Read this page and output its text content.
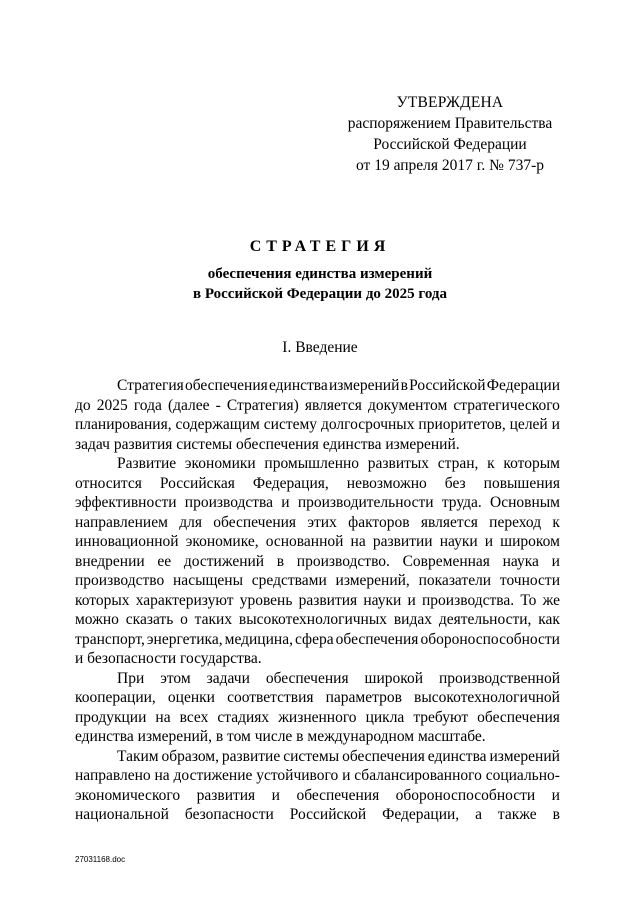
УТВЕРЖДЕНА
распоряжением Правительства
Российской Федерации
от 19 апреля 2017 г. № 737-р
СТРАТЕГИЯ
обеспечения единства измерений
в Российской Федерации до 2025 года
I. Введение
Стратегия обеспечения единства измерений в Российской Федерации
до 2025 года (далее - Стратегия) является документом стратегического
планирования, содержащим систему долгосрочных приоритетов, целей и
задач развития системы обеспечения единства измерений.
Развитие экономики промышленно развитых стран, к которым
относится Российская Федерация, невозможно без повышения
эффективности производства и производительности труда. Основным
направлением для обеспечения этих факторов является переход к
инновационной экономике, основанной на развитии науки и широком
внедрении ее достижений в производство. Современная наука и
производство насыщены средствами измерений, показатели точности
которых характеризуют уровень развития науки и производства. То же
можно сказать о таких высокотехнологичных видах деятельности, как
транспорт, энергетика, медицина, сфера обеспечения обороноспособности
и безопасности государства.
При этом задачи обеспечения широкой производственной
кооперации, оценки соответствия параметров высокотехнологичной
продукции на всех стадиях жизненного цикла требуют обеспечения
единства измерений, в том числе в международном масштабе.
Таким образом, развитие системы обеспечения единства измерений
направлено на достижение устойчивого и сбалансированного социально-
экономического развития и обеспечения обороноспособности и
национальной безопасности Российской Федерации, а также в
27031168.doc
